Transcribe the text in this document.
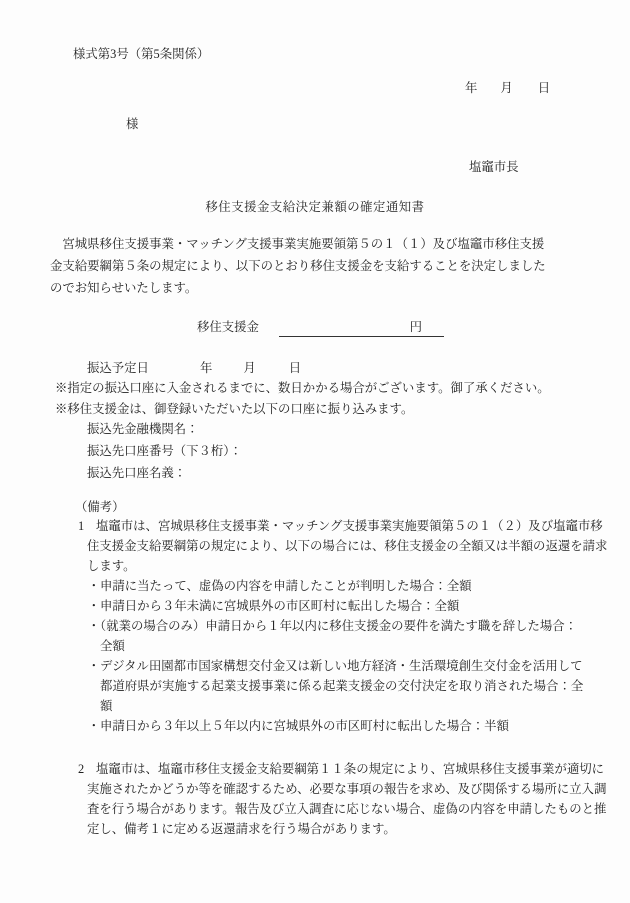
様式第3号（第5条関係）
年 月 日
様
塩竈市長
移住支援金支給決定兼額の確定通知書

宮城県移住支援事業・マッチング支援事業実施要領第５の１（１）及び塩竈市移住支援金支給要綱第５条の規定により、以下のとおり移住支援金を支給することを決定しましたのでお知らせいたします。

移住支援金	円
振込予定日	年	月	日
※指定の振込口座に入金されるまでに、数日かかる場合がございます。御了承ください。
※移住支援金は、御登録いただいた以下の口座に振り込みます。
振込先金融機関名：
振込先口座番号（下３桁）：
振込先口座名義：
（備考）

1 塩竈市は、宮城県移住支援事業・マッチング支援事業実施要領第５の１（２）及び塩竈市移住支援金支給要綱第の規定により、以下の場合には、移住支援金の全額又は半額の返還を請求します。

・申請に当たって、虚偽の内容を申請したことが判明した場合：全額

・申請日から３年未満に宮城県外の市区町村に転出した場合：全額

・（就業の場合のみ）申請日から１年以内に移住支援金の要件を満たす職を辞した場合：全額

・デジタル田園都市国家構想交付金又は新しい地方経済・生活環境創生交付金を活用して都道府県が実施する起業支援事業に係る起業支援金の交付決定を取り消された場合：全額

・申請日から３年以上５年以内に宮城県外の市区町村に転出した場合：半額

2 塩竈市は、塩竈市移住支援金支給要綱第１１条の規定により、宮城県移住支援事業が適切に実施されたかどうか等を確認するため、必要な事項の報告を求め、及び関係する場所に立入調査を行う場合があります。報告及び立入調査に応じない場合、虚偽の内容を申請したものと推定し、備考１に定める返還請求を行う場合があります。
